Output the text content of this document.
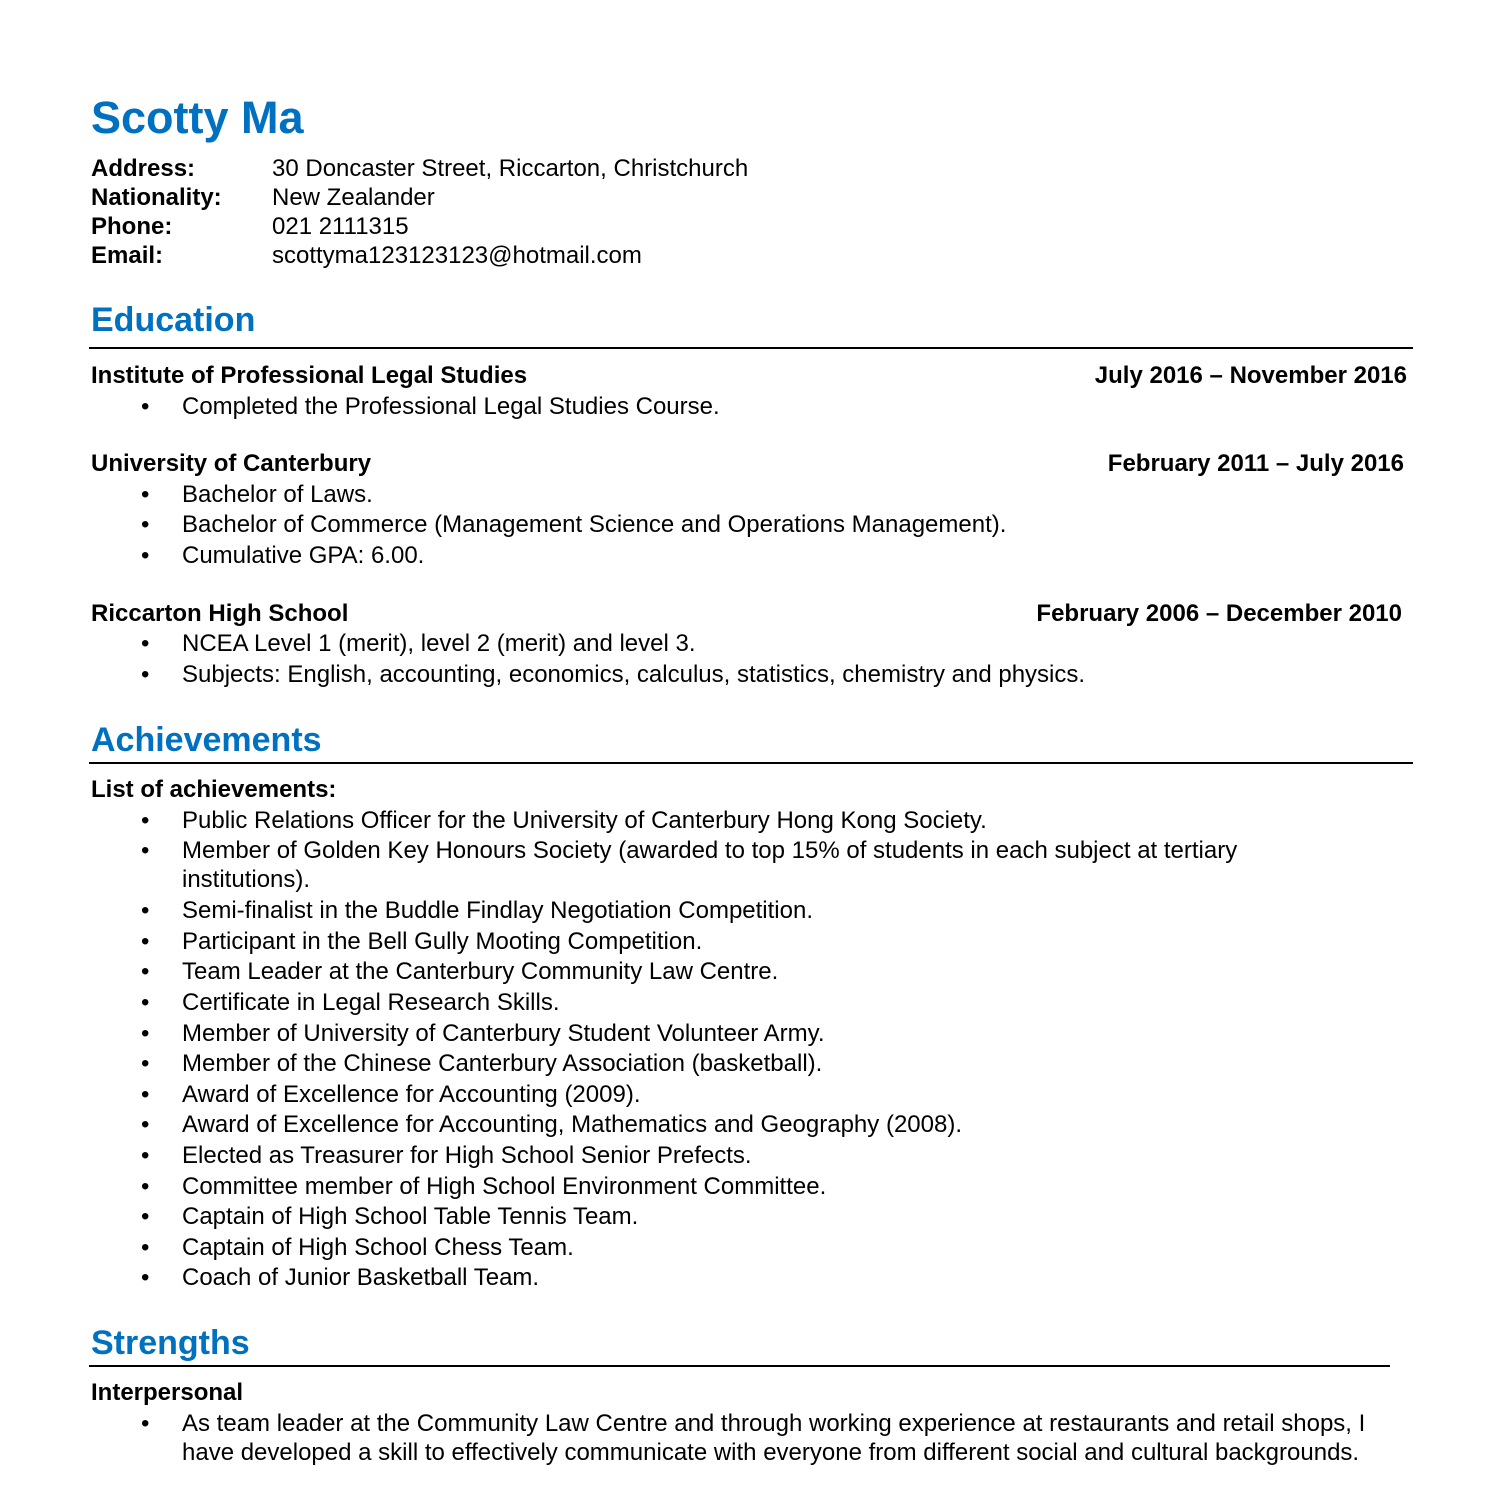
Scotty Ma
Address:	30 Doncaster Street, Riccarton, Christchurch
Nationality:	New Zealander
Phone:	021 2111315
Email:	scottyma123123123@hotmail.com
Education
Institute of Professional Legal Studies	July 2016 – November 2016
• Completed the Professional Legal Studies Course.
University of Canterbury	February 2011 – July 2016
• Bachelor of Laws.
• Bachelor of Commerce (Management Science and Operations Management).
• Cumulative GPA: 6.00.
Riccarton High School	February 2006 – December 2010
• NCEA Level 1 (merit), level 2 (merit) and level 3.
• Subjects: English, accounting, economics, calculus, statistics, chemistry and physics.
Achievements
List of achievements:
• Public Relations Officer for the University of Canterbury Hong Kong Society.
• Member of Golden Key Honours Society (awarded to top 15% of students in each subject at tertiary institutions).
• Semi-finalist in the Buddle Findlay Negotiation Competition.
• Participant in the Bell Gully Mooting Competition.
• Team Leader at the Canterbury Community Law Centre.
• Certificate in Legal Research Skills.
• Member of University of Canterbury Student Volunteer Army.
• Member of the Chinese Canterbury Association (basketball).
• Award of Excellence for Accounting (2009).
• Award of Excellence for Accounting, Mathematics and Geography (2008).
• Elected as Treasurer for High School Senior Prefects.
• Committee member of High School Environment Committee.
• Captain of High School Table Tennis Team.
• Captain of High School Chess Team.
• Coach of Junior Basketball Team.
Strengths
Interpersonal
• As team leader at the Community Law Centre and through working experience at restaurants and retail shops, I have developed a skill to effectively communicate with everyone from different social and cultural backgrounds.
